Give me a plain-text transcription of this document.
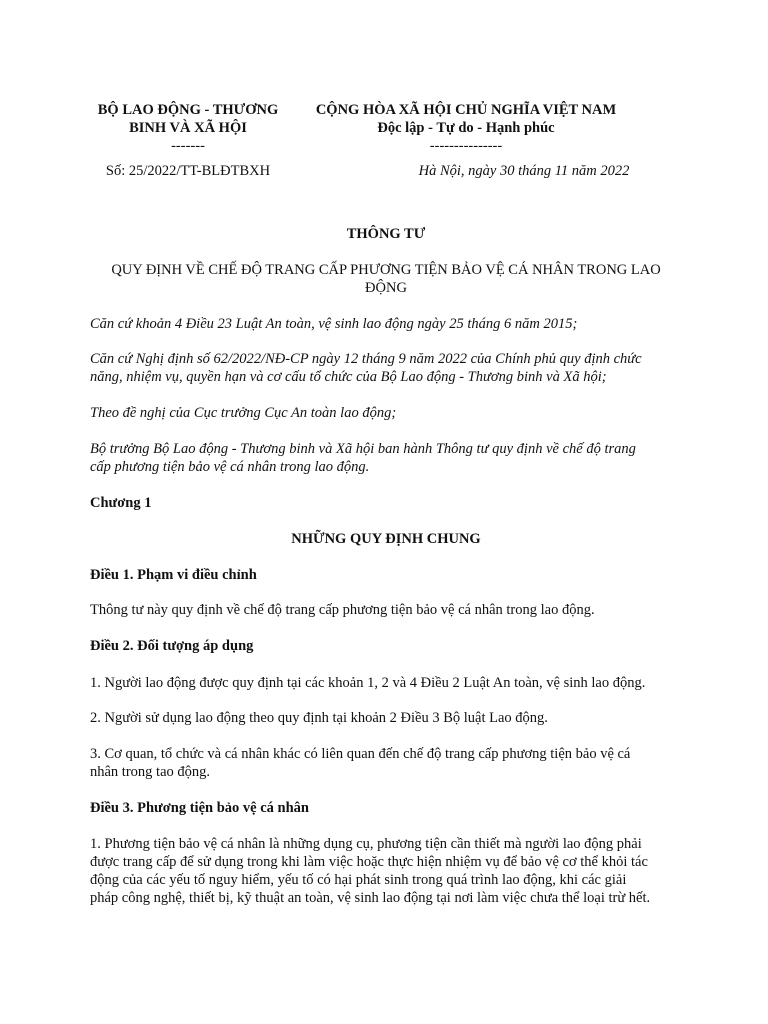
BỘ LAO ĐỘNG - THƯƠNG
BINH VÀ XÃ HỘI
-------
CỘNG HÒA XÃ HỘI CHỦ NGHĨA VIỆT NAM
Độc lập - Tự do - Hạnh phúc
---------------
Số: 25/2022/TT-BLĐTBXH	Hà Nội, ngày 30 tháng 11 năm 2022
THÔNG TƯ
QUY ĐỊNH VỀ CHẾ ĐỘ TRANG CẤP PHƯƠNG TIỆN BẢO VỆ CÁ NHÂN TRONG LAO
ĐỘNG
Căn cứ khoản 4 Điều 23 Luật An toàn, vệ sinh lao động ngày 25 tháng 6 năm 2015;
Căn cứ Nghị định số 62/2022/NĐ-CP ngày 12 tháng 9 năm 2022 của Chính phủ quy định chức
năng, nhiệm vụ, quyền hạn và cơ cấu tổ chức của Bộ Lao động - Thương binh và Xã hội;
Theo đề nghị của Cục trưởng Cục An toàn lao động;
Bộ trưởng Bộ Lao động - Thương binh và Xã hội ban hành Thông tư quy định về chế độ trang
cấp phương tiện bảo vệ cá nhân trong lao động.
Chương 1
NHỮNG QUY ĐỊNH CHUNG
Điều 1. Phạm vi điều chỉnh
Thông tư này quy định về chế độ trang cấp phương tiện bảo vệ cá nhân trong lao động.
Điều 2. Đối tượng áp dụng
1. Người lao động được quy định tại các khoản 1, 2 và 4 Điều 2 Luật An toàn, vệ sinh lao động.
2. Người sử dụng lao động theo quy định tại khoản 2 Điều 3 Bộ luật Lao động.
3. Cơ quan, tổ chức và cá nhân khác có liên quan đến chế độ trang cấp phương tiện bảo vệ cá
nhân trong tao động.
Điều 3. Phương tiện bảo vệ cá nhân
1. Phương tiện bảo vệ cá nhân là những dụng cụ, phương tiện cần thiết mà người lao động phải
được trang cấp để sử dụng trong khi làm việc hoặc thực hiện nhiệm vụ để bảo vệ cơ thể khỏi tác
động của các yếu tố nguy hiểm, yếu tố có hại phát sinh trong quá trình lao động, khi các giải
pháp công nghệ, thiết bị, kỹ thuật an toàn, vệ sinh lao động tại nơi làm việc chưa thể loại trừ hết.
